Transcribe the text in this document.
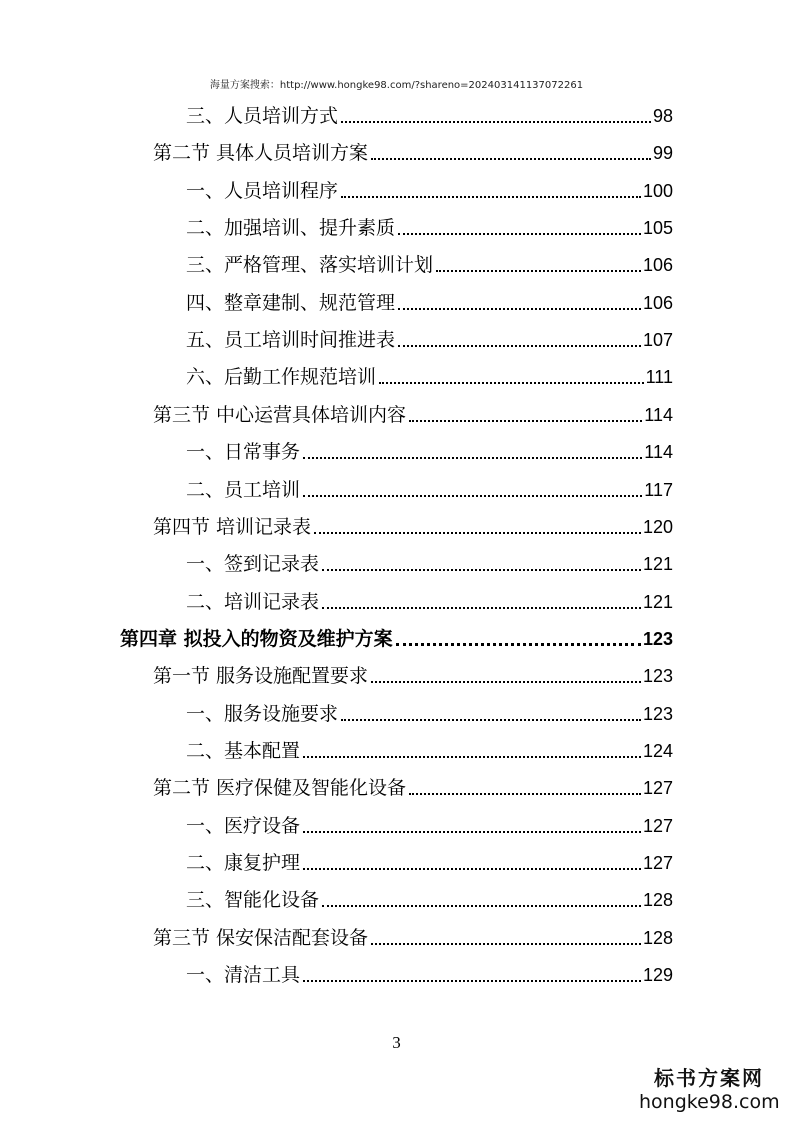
海量方案搜索：http://www.hongke98.com/?shareno=202403141137072261
三、人员培训方式	98
第二节 具体人员培训方案	99
一、人员培训程序	100
二、加强培训、提升素质	105
三、严格管理、落实培训计划	106
四、整章建制、规范管理	106
五、员工培训时间推进表	107
六、后勤工作规范培训	111
第三节 中心运营具体培训内容	114
一、日常事务	114
二、员工培训	117
第四节 培训记录表	120
一、签到记录表	121
二、培训记录表	121
第四章 拟投入的物资及维护方案	123
第一节 服务设施配置要求	123
一、服务设施要求	123
二、基本配置	124
第二节 医疗保健及智能化设备	127
一、医疗设备	127
二、康复护理	127
三、智能化设备	128
第三节 保安保洁配套设备	128
一、清洁工具	129
3
标书方案网
hongke98.com
